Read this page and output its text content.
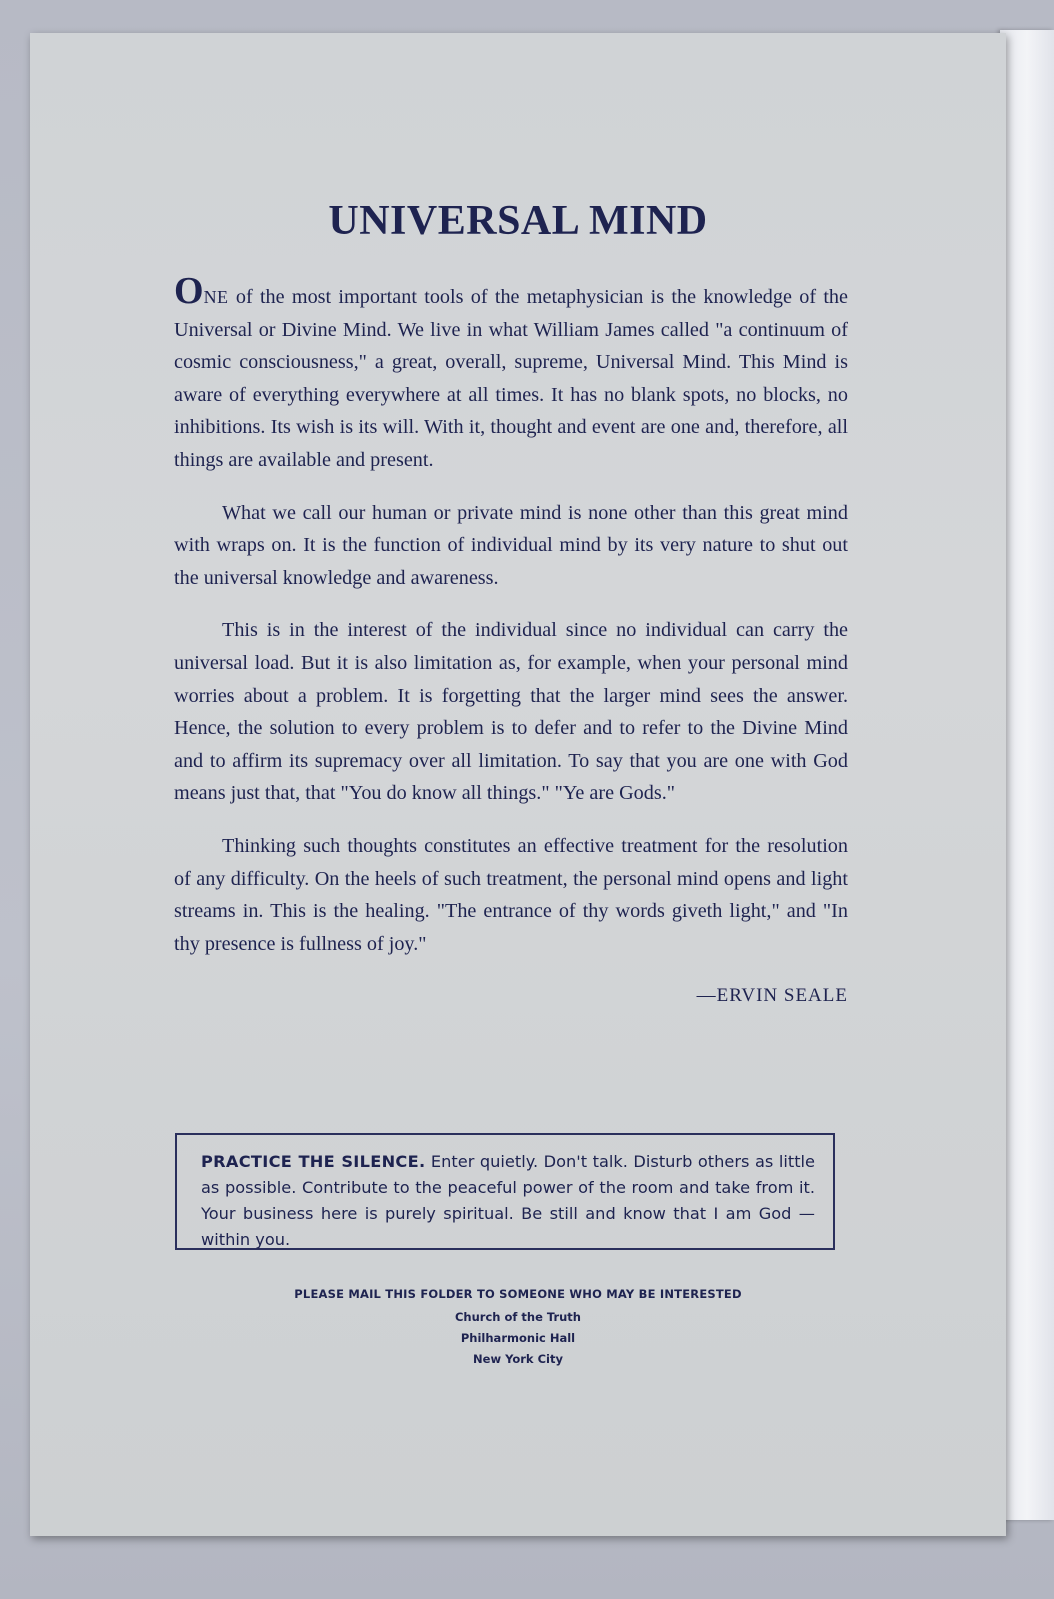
UNIVERSAL MIND

ONE of the most important tools of the metaphysician is the knowledge of the Universal or Divine Mind. We live in what William James called "a continuum of cosmic consciousness," a great, overall, supreme, Universal Mind. This Mind is aware of everything everywhere at all times. It has no blank spots, no blocks, no inhibitions. Its wish is its will. With it, thought and event are one and, therefore, all things are available and present.

What we call our human or private mind is none other than this great mind with wraps on. It is the function of individual mind by its very nature to shut out the universal knowledge and awareness.

This is in the interest of the individual since no individual can carry the universal load. But it is also limitation as, for example, when your personal mind worries about a problem. It is forgetting that the larger mind sees the answer. Hence, the solution to every problem is to defer and to refer to the Divine Mind and to affirm its supremacy over all limitation. To say that you are one with God means just that, that "You do know all things." "Ye are Gods."

Thinking such thoughts constitutes an effective treatment for the resolution of any difficulty. On the heels of such treatment, the personal mind opens and light streams in. This is the healing. "The entrance of thy words giveth light," and "In thy presence is fullness of joy."

—ERVIN SEALE
PRACTICE THE SILENCE. Enter quietly. Don't talk. Disturb others as little as possible. Contribute to the peaceful power of the room and take from it. Your business here is purely spiritual. Be still and know that I am God — within you.
PLEASE MAIL THIS FOLDER TO SOMEONE WHO MAY BE INTERESTED
Church of the Truth
Philharmonic Hall
New York City
